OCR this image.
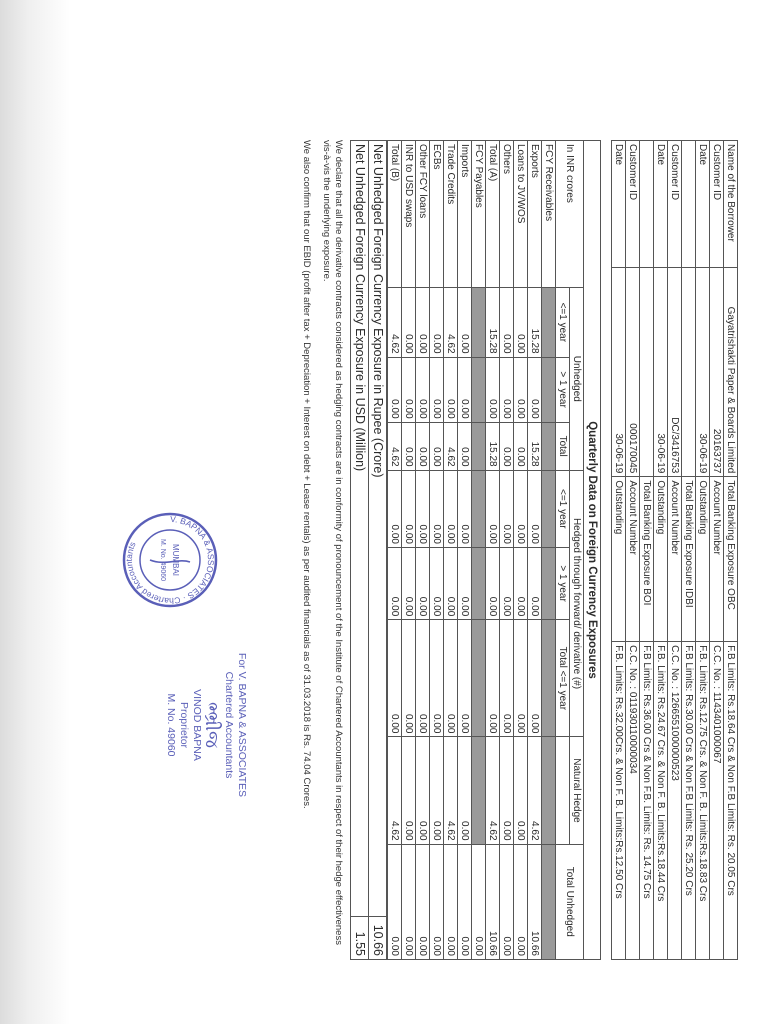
Name of the Borrower	Gayatrishakti Paper & Boards Limited	Total Banking Exposure OBC	F.B Limits: Rs.18.64 Crs & Non F.B Limits: Rs. 20.05 Crs
Customer ID	20163737	Account Number	C.C. No. : 1143401000067
Date	30-06-19	Outstanding	F.B. Limits: Rs.12.75 Crs. & Non F. B. Limits:Rs.18.83 Crs
		Total Banking Exposure IDBI	F.B Limits: Rs.30.00 Crs & Non F.B Limits: Rs. 25.20 Crs
Customer ID	DC/3416753	Account Number	C.C. No. : 1266551000000523
Date	30-06-19	Outstanding	F.B. Limits: Rs.24.67 Crs. & Non F. B. Limits:Rs.18.44 Crs
		Total Banking Exposure BOI	F.B Limits: Rs.36.00 Crs & Non F.B. Limits: Rs. 14.75 Crs
Customer ID	000170045	Account Number	C.C. No. : 011930110000034
Date	30-06-19	Outstanding	F.B. Limits: Rs.32.00Crs. & Non F. B. Limits:Rs.12.50 Crs
Quarterly Data on Foreign Currency Exposures
In INR crores	Unhedged			Hedged through forward/ derivative (#)			Natural Hedge	Total Unhedged
	<=1 year	> 1 year	Total	<=1 year	> 1 year	Total <=1 year		
FCY Receivables								
Exports	15.28	0.00	15.28	0.00	0.00	0.00	4.62	10.66
Loans to JV/WOS	0.00	0.00	0.00	0.00	0.00	0.00	0.00	0.00
Others	0.00	0.00	0.00	0.00	0.00	0.00	0.00	0.00
Total (A)	15.28	0.00	15.28	0.00	0.00	0.00	4.62	10.66
FCY Payables								0.00
Imports	0.00	0.00	0.00	0.00	0.00	0.00	0.00	0.00
Trade Credits	4.62	0.00	4.62	0.00	0.00	0.00	4.62	0.00
ECBs	0.00	0.00	0.00	0.00	0.00	0.00	0.00	0.00
Other FCY loans	0.00	0.00	0.00	0.00	0.00	0.00	0.00	0.00
INR to USD swaps	0.00	0.00	0.00	0.00	0.00	0.00	0.00	0.00
Total (B)	4.62	0.00	4.62	0.00	0.00	0.00	4.62	0.00
Net Unhedged Foreign Currency Exposure in Rupee (Crore)	10.66
Net Unhedged Foreign Currency Exposure in USD (Million)	1.55

We declare that all the derivative contracts considered as hedging contracts are in conformity of pronouncement of the Institute of Chartered Accountants in respect of their hedge effectiveness vis-à-vis the underlying exposure.

We also confirm that our EBID (profit after tax + Depreciation + Interest on debt + Lease rentals) as per audited financials as of 31.03.2018 is Rs. 74.04 Crores.

V. BAPNA & ASSOCIATES · Chartered Accountants	MUMBAI
M. No. 49060
For V. BAPNA & ASSOCIATES
Chartered Accountants
ભ્ભ્રીજ
VINOD BAPNA
Proprietor
M. No. 49060
